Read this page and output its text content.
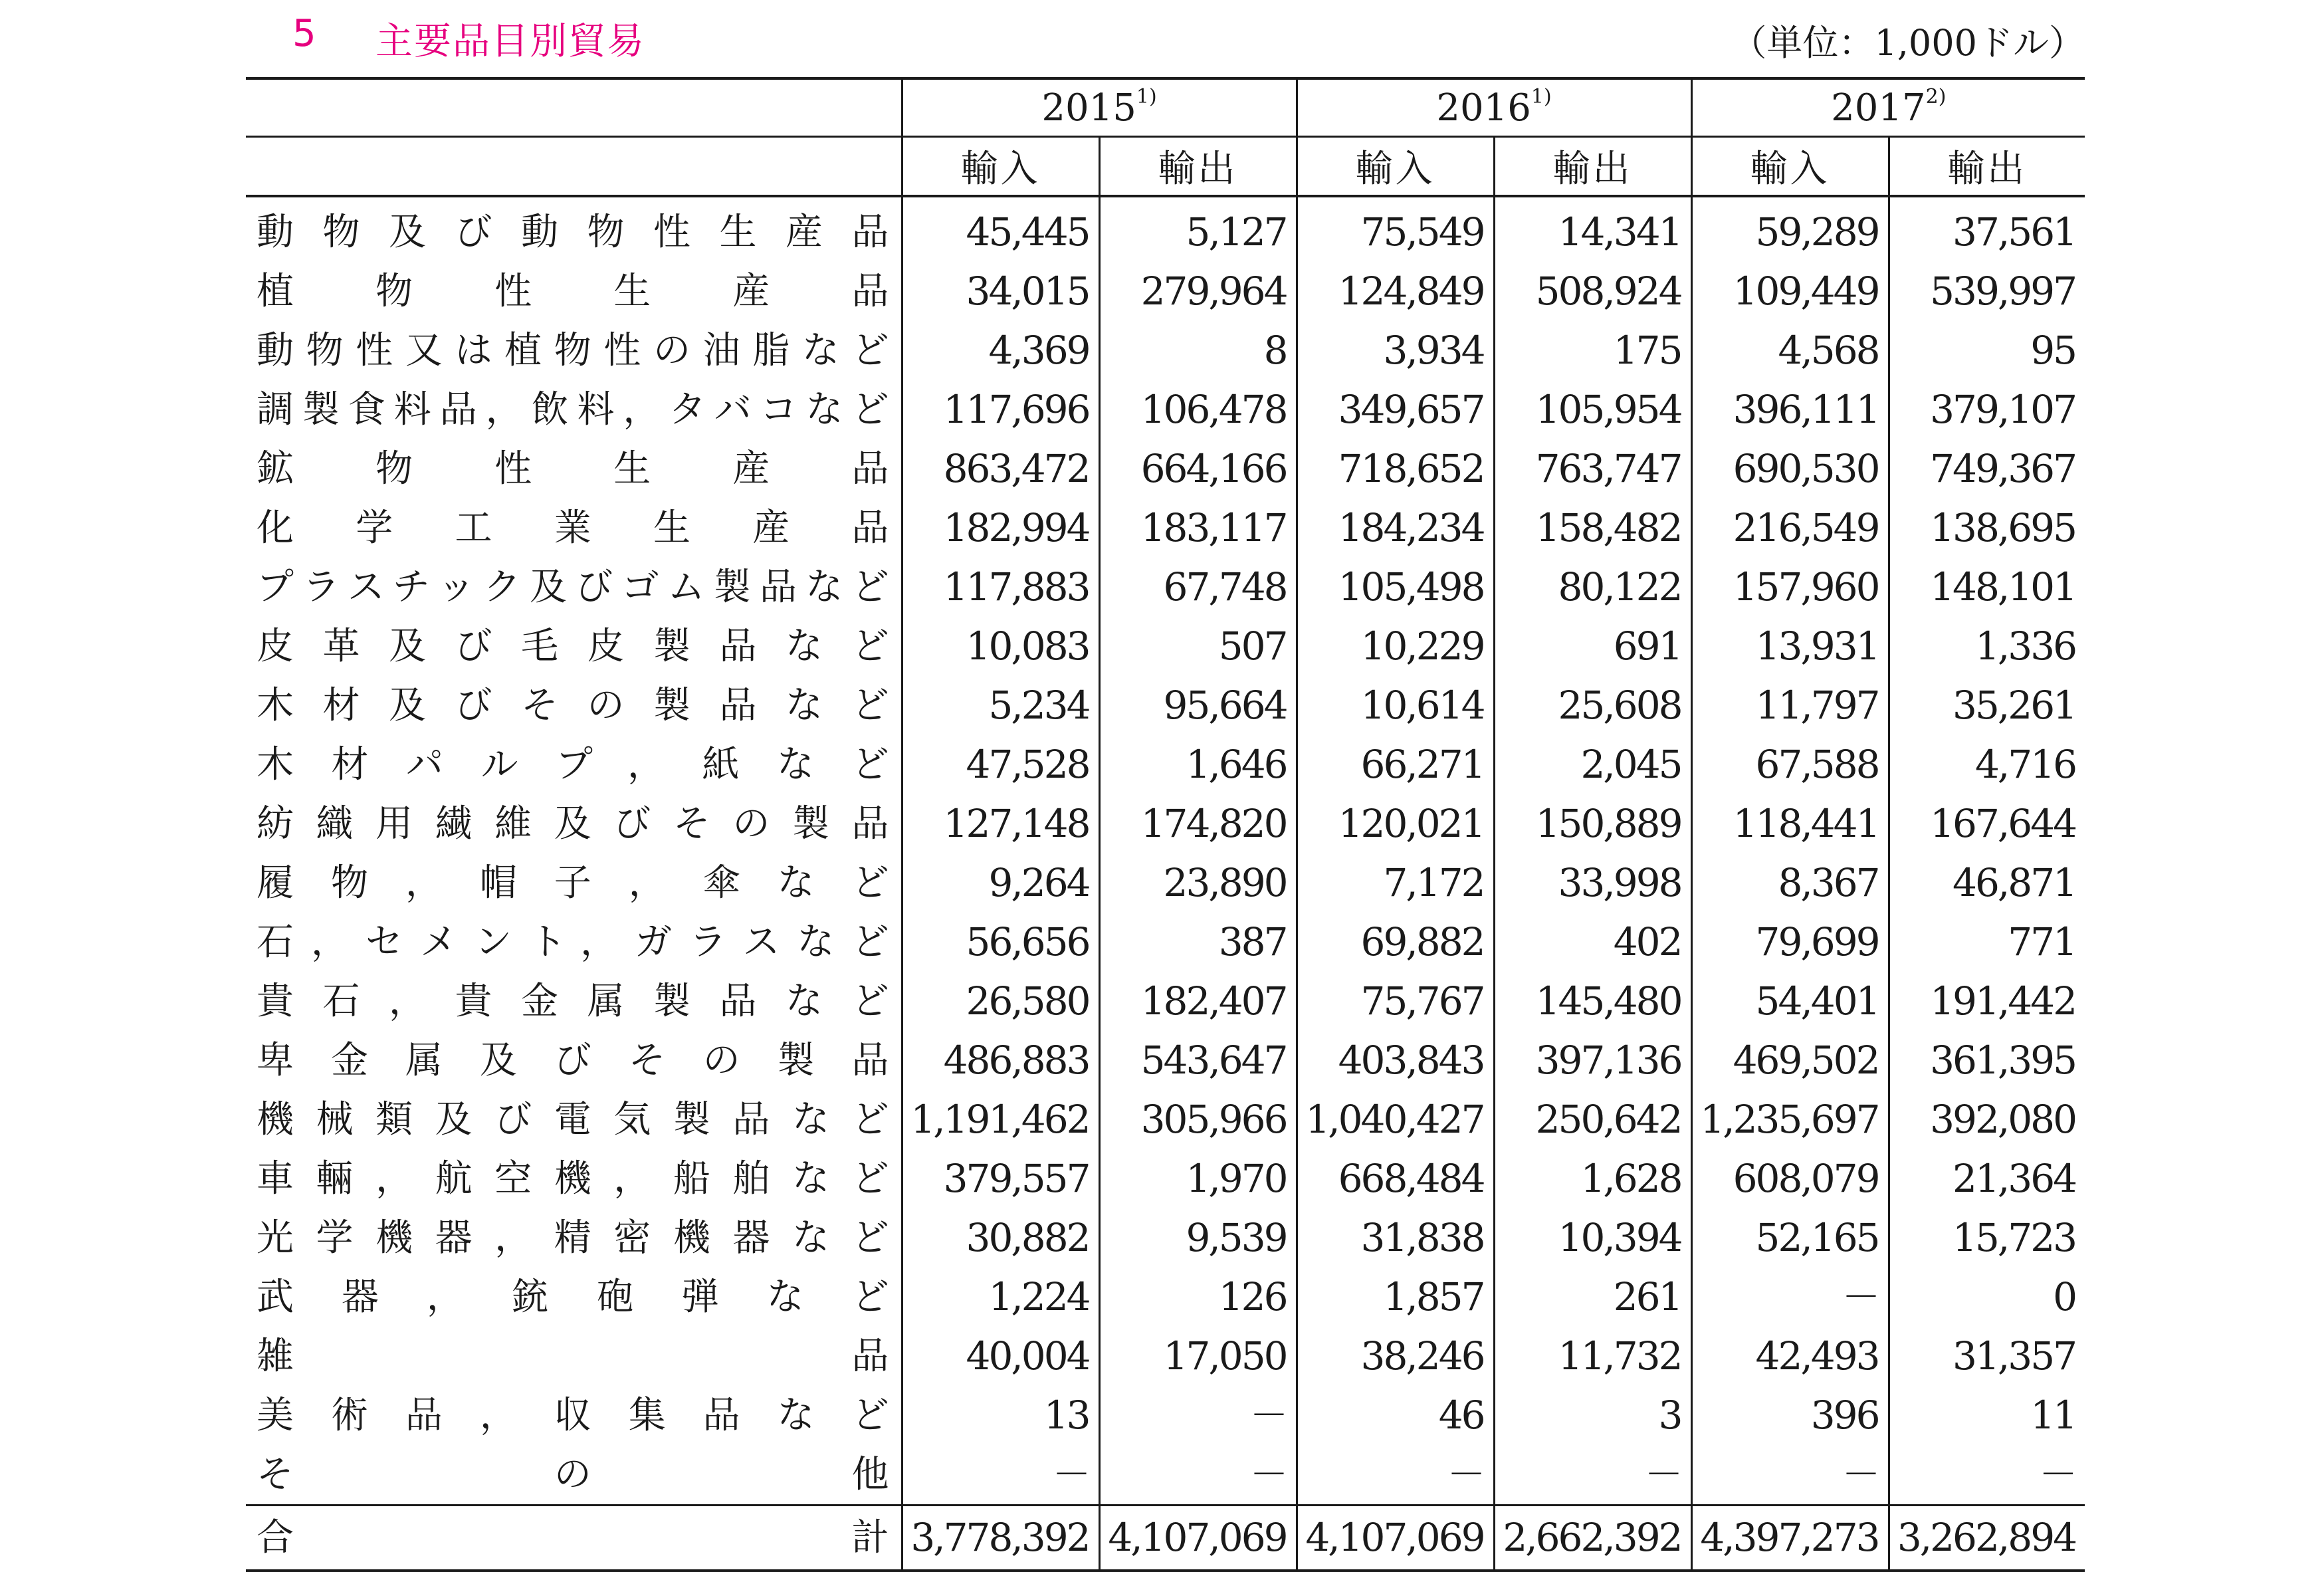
5 主要品目別貿易	（単位：1,000ドル）
	2015$^{1)}$		2016$^{1)}$		2017$^{2)}$
	輸入	輸出	輸入	輸出	輸入	輸出
動物及び動物性生産品	45,445	5,127	75,549	14,341	59,289	37,561
植物性生産品	34,015	279,964	124,849	508,924	109,449	539,997
動物性又は植物性の油脂など	4,369	8	3,934	175	4,568	95
調製食料品，飲料，タバコなど	117,696	106,478	349,657	105,954	396,111	379,107
鉱物性生産品	863,472	664,166	718,652	763,747	690,530	749,367
化学工業生産品	182,994	183,117	184,234	158,482	216,549	138,695
プラスチック及びゴム製品など	117,883	67,748	105,498	80,122	157,960	148,101
皮革及び毛皮製品など	10,083	507	10,229	691	13,931	1,336
木材及びその製品など	5,234	95,664	10,614	25,608	11,797	35,261
木材パルプ，紙など	47,528	1,646	66,271	2,045	67,588	4,716
紡織用繊維及びその製品	127,148	174,820	120,021	150,889	118,441	167,644
履物，帽子，傘など	9,264	23,890	7,172	33,998	8,367	46,871
石，セメント，ガラスなど	56,656	387	69,882	402	79,699	771
貴石，貴金属製品など	26,580	182,407	75,767	145,480	54,401	191,442
卑金属及びその製品	486,883	543,647	403,843	397,136	469,502	361,395
機械類及び電気製品など	1,191,462	305,966	1,040,427	250,642	1,235,697	392,080
車輛，航空機，船舶など	379,557	1,970	668,484	1,628	608,079	21,364
光学機器，精密機器など	30,882	9,539	31,838	10,394	52,165	15,723
武器，銃砲弾など	1,224	126	1,857	261	－	0
雑品	40,004	17,050	38,246	11,732	42,493	31,357
美術品，収集品など	13	－	46	3	396	11
その他	－	－	－	－	－	－
合計	3,778,392	4,107,069	4,107,069	2,662,392	4,397,273	3,262,894
